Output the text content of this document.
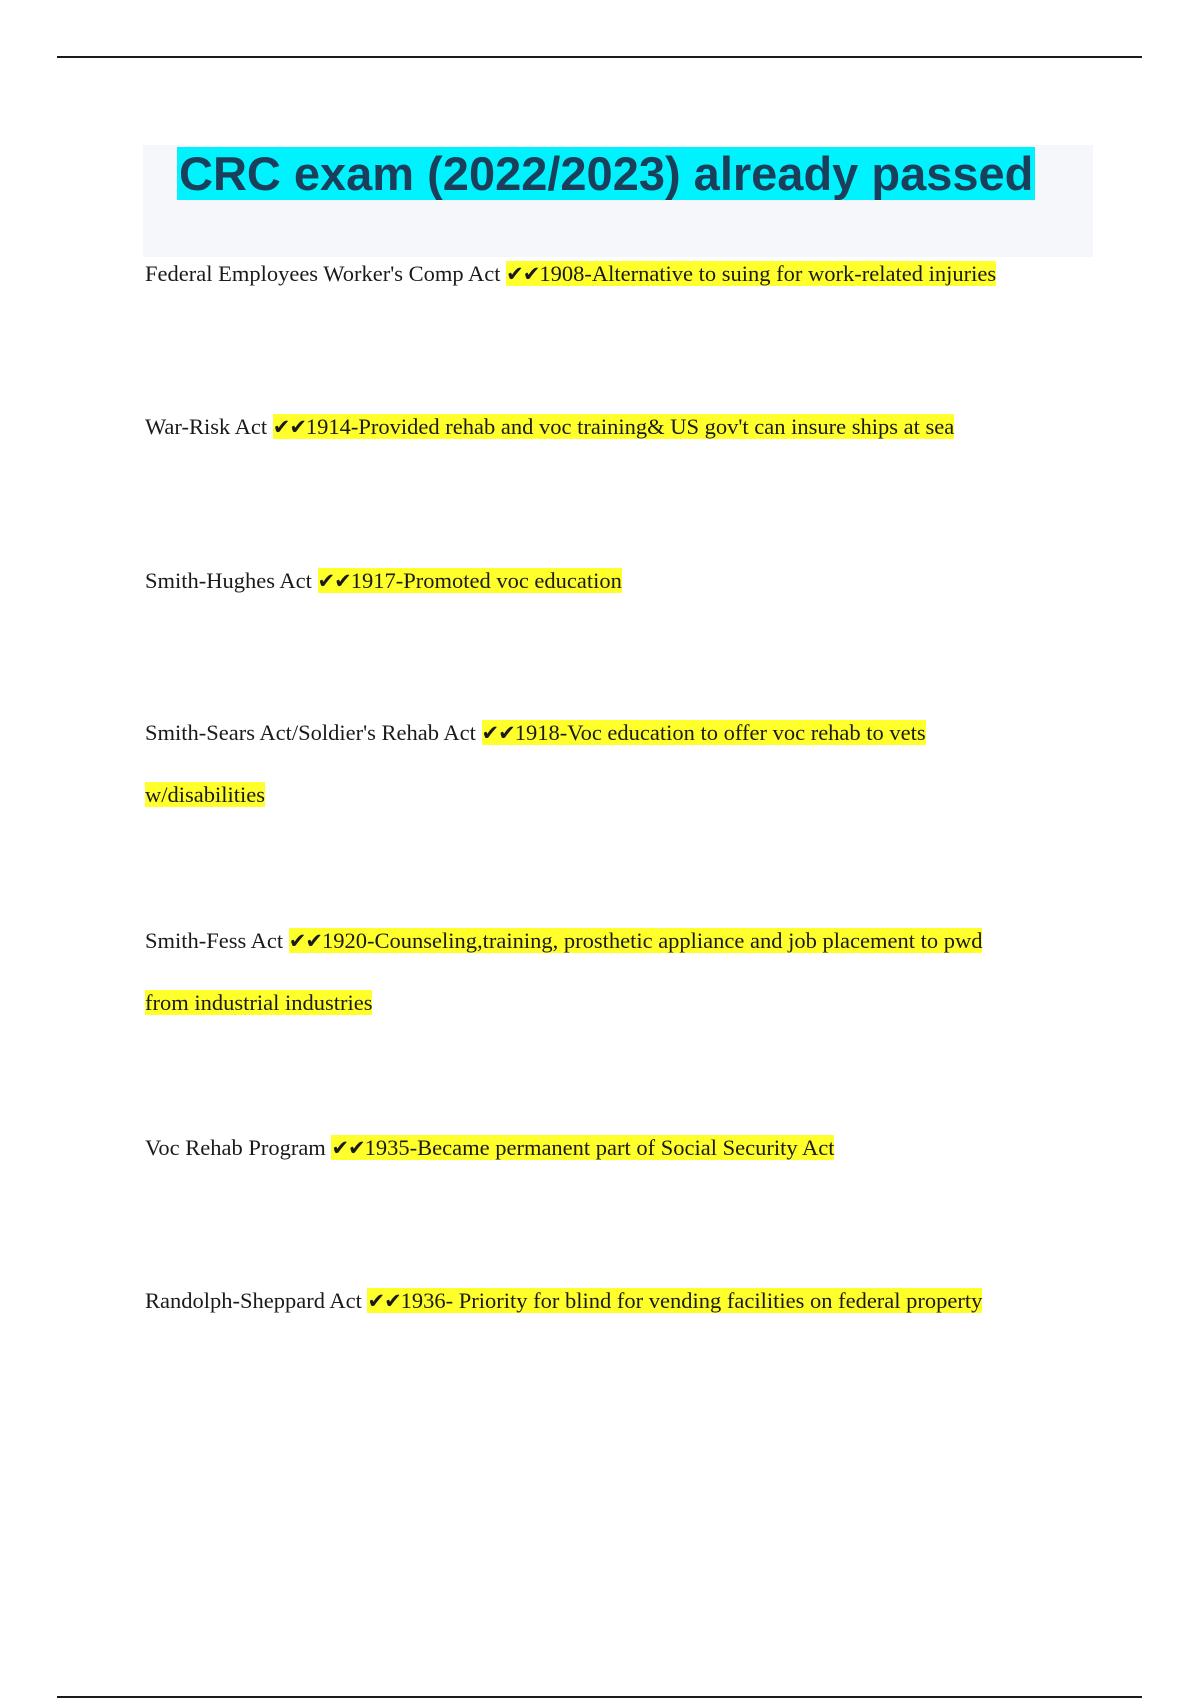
CRC exam (2022/2023) already passed
Federal Employees Worker's Comp Act ✔✔1908-Alternative to suing for work-related injuries
War-Risk Act ✔✔1914-Provided rehab and voc training& US gov't can insure ships at sea
Smith-Hughes Act ✔✔1917-Promoted voc education
Smith-Sears Act/Soldier's Rehab Act ✔✔1918-Voc education to offer voc rehab to vets
w/disabilities
Smith-Fess Act ✔✔1920-Counseling,training, prosthetic appliance and job placement to pwd
from industrial industries
Voc Rehab Program ✔✔1935-Became permanent part of Social Security Act
Randolph-Sheppard Act ✔✔1936- Priority for blind for vending facilities on federal property
